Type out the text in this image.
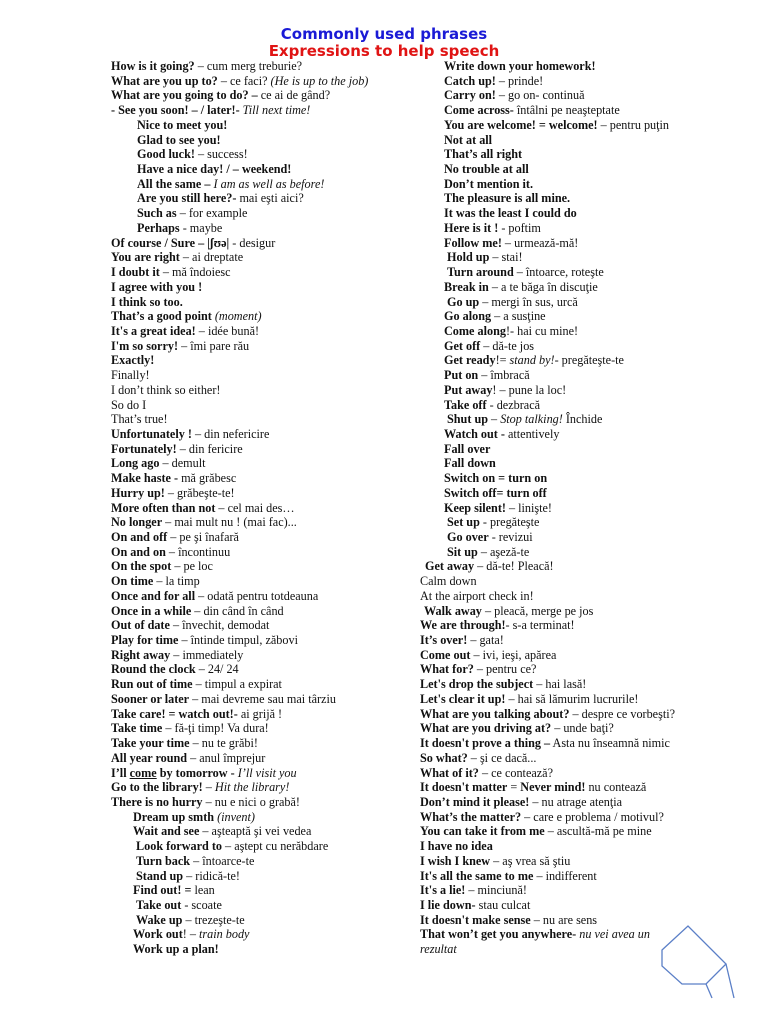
Commonly used phrases
Expressions to help speech
How is it going? – cum merg treburie?
What are you up to? – ce faci? (He is up to the job)
What are you going to do? – ce ai de gând?
- See you soon! – / later!- Till next time!
Nice to meet you!
Glad to see you!
Good luck! – success!
Have a nice day! / – weekend!
All the same – I am as well as before!
Are you still here?- mai eşti aici?
Such as – for example
Perhaps - maybe
Of course / Sure – |ʃʊə| - desigur
You are right – ai dreptate
I doubt it – mă îndoiesc
I agree with you !
I think so too.
That’s a good point (moment)
It's a great idea! – idée bună!
I'm so sorry! – îmi pare rău
Exactly!
Finally!
I don’t think so either!
So do I
That’s true!
Unfortunately ! – din nefericire
Fortunately! – din fericire
Long ago – demult
Make haste - mă grăbesc
Hurry up! – grăbeşte-te!
More often than not – cel mai des…
No longer – mai mult nu ! (mai fac)...
On and off – pe şi înafară
On and on – încontinuu
On the spot – pe loc
On time – la timp
Once and for all – odată pentru totdeauna
Once in a while – din când în când
Out of date – învechit, demodat
Play for time – întinde timpul, zăbovi
Right away – immediately
Round the clock – 24/ 24
Run out of time – timpul a expirat
Sooner or later – mai devreme sau mai târziu
Take care! = watch out!- ai grijă !
Take time – fă-ţi timp! Va dura!
Take your time – nu te grăbi!
All year round – anul împrejur
I’ll come by tomorrow - I’ll visit you
Go to the library! – Hit the library!
There is no hurry – nu e nici o grabă!
Dream up smth (invent)
Wait and see – aşteaptă şi vei vedea
Look forward to – aştept cu nerăbdare
Turn back – întoarce-te
Stand up – ridică-te!
Find out! = lean
Take out - scoate
Wake up – trezeşte-te
Work out! – train body
Work up a plan!
Write down your homework!
Catch up! – prinde!
Carry on! – go on- continuă
Come across- întâlni pe neaşteptate
You are welcome! = welcome! – pentru puţin
Not at all
That’s all right
No trouble at all
Don’t mention it.
The pleasure is all mine.
It was the least I could do
Here is it ! - poftim
Follow me! – urmează-mă!
Hold up – stai!
Turn around – întoarce, roteşte
Break in – a te băga în discuţie
Go up – mergi în sus, urcă
Go along – a susţine
Come along!- hai cu mine!
Get off – dă-te jos
Get ready!= stand by!- pregăteşte-te
Put on – îmbracă
Put away! – pune la loc!
Take off - dezbracă
Shut up – Stop talking! Închide
Watch out - attentively
Fall over
Fall down
Switch on = turn on
Switch off= turn off
Keep silent! – linişte!
Set up - pregăteşte
Go over - revizui
Sit up – aşeză-te
Get away – dă-te! Pleacă!
Calm down
At the airport check in!
Walk away – pleacă, merge pe jos
We are through!- s-a terminat!
It’s over! – gata!
Come out – ivi, ieşi, apărea
What for? – pentru ce?
Let's drop the subject – hai lasă!
Let's clear it up! – hai să lămurim lucrurile!
What are you talking about? – despre ce vorbeşti?
What are you driving at? – unde baţi?
It doesn't prove a thing – Asta nu înseamnă nimic
So what? – şi ce dacă...
What of it? – ce contează?
It doesn't matter = Never mind! nu contează
Don’t mind it please! – nu atrage atenţia
What’s the matter? – care e problema / motivul?
You can take it from me – ascultă-mă pe mine
I have no idea
I wish I knew – aş vrea să ştiu
It's all the same to me – indifferent
It's a lie! – minciună!
I lie down- stau culcat
It doesn't make sense – nu are sens
That won’t get you anywhere- nu vei avea un
rezultat
